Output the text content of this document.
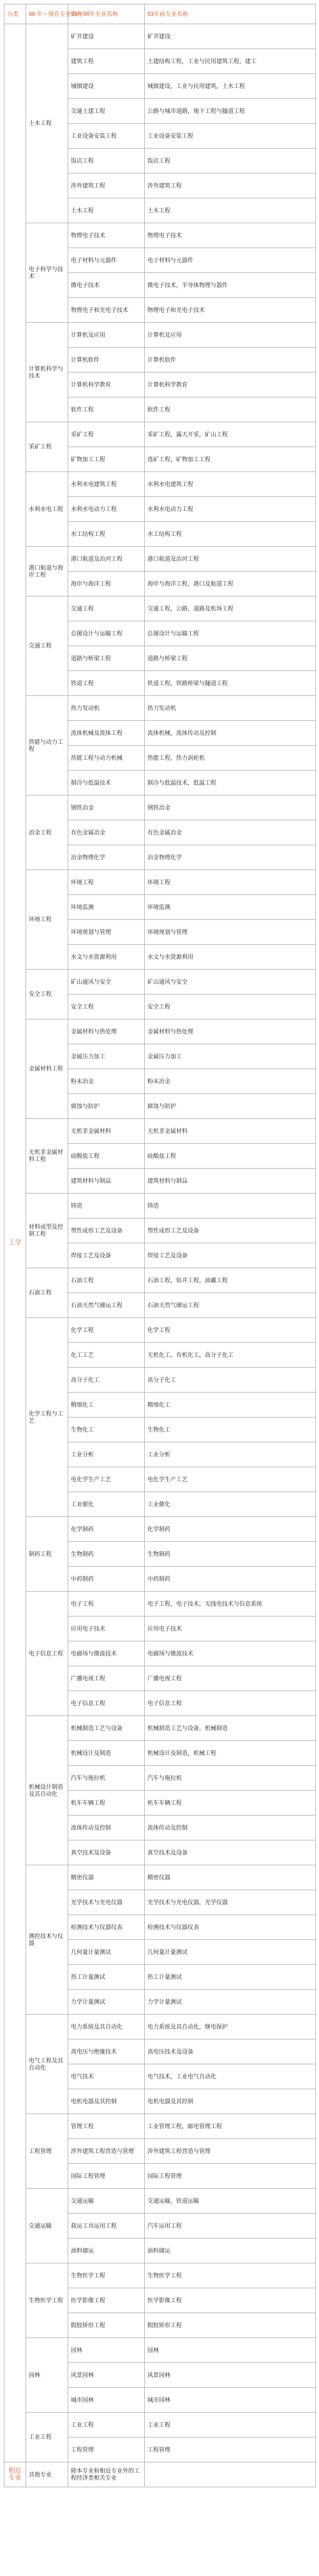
分类	98 年～现在专业名称	93～98年专业名称	93年前专业名称
工学	土木工程	矿井建设	矿井建设
		建筑工程	土建结构工程，工业与民用建筑工程，建工
		城镇建设	城镇建设，工业与民用建筑，土木工程
		交通土建工程	公路与城市道路，地下工程与隧道工程
		工业设备安装工程	工业设备安装工程
		饭店工程	饭店工程
		涉外建筑工程	涉外建筑工程
		土木工程	土木工程
	电子科学与技术	物理电子技术	物理电子技术
		电子材料与元器件	电子材料与元器件
		微电子技术	微电子技术，半导体物理与器件
		物理电子和光电子技术	物理电子和光电子技术
	计算机科学与技术	计算机及应用	计算机及应用
		计算机软件	计算机软件
		计算机科学教育	计算机科学教育
		软件工程	软件工程
	采矿工程	采矿工程	采矿工程，露天开采，矿山工程
		矿物加工工程	选矿工程，矿物加工工程
	水利水电工程	水利水电建筑工程	水利水电建筑工程
		水利水电动力工程	水利水电动力工程
		水工结构工程	水工结构工程
	港口航道与海岸工程	港口航道及治河工程	港口航道及治河工程
		海岸与海洋工程	海岸与海洋工程，港口及航道工程
	交通工程	交通工程	交通工程，公路，道路及机场工程
		总图设计与运输工程	总图设计与运输工程
		道路与桥梁工程	道路与桥梁工程
		铁道工程	铁道工程，铁路桥梁与隧道工程
	热能与动力工程	热力发动机	热力发动机
		流体机械及流体工程	流体机械，流体传动及控制
		热能工程与动力机械	热能工程，热力涡轮机
		制冷与低温技术	制冷与低温技术，低温工程
	冶金工程	钢铁冶金	钢铁冶金
		有色金属冶金	有色金属冶金
		冶金物理化学	冶金物理化学
	环境工程	环境工程	环境工程
		环境监测	环境监测
		环境规划与管理	环境规划与管理
		水文与水资源利用	水文与水资源利用
	安全工程	矿山通风与安全	矿山通风与安全
		安全工程	安全工程
	金属材料工程	金属材料与热处理	金属材料与热处理
		金属压力加工	金属压力加工
		粉末冶金	粉末冶金
		腐蚀与防护	腐蚀与防护
	无机非金属材料工程	无机非金属材料	无机非金属材料
		硅酸盐工程	硅酸盐工程
		建筑材料与制品	建筑材料与制品
	材料成型及控制工程	铸造	铸造
		塑性成形工艺及设备	塑性成形工艺及设备
		焊接工艺及设备	焊接工艺及设备
	石油工程	石油工程	石油工程，钻井工程，油藏工程
		石油天然气储运工程	石油天然气储运工程
	化学工程与工艺	化学工程	化学工程
		化工工艺	无机化工，有机化工，高分子化工
		高分子化工	高分子化工
		精细化工	精细化工
		生物化工	生物化工
		工业分析	工业分析
		电化学生产工艺	电化学生产工艺
		工业催化	工业催化
	制药工程	化学制药	化学制药
		生物制药	生物制药
		中药制药	中药制药
	电子信息工程	电子工程	电子工程，电子技术，无线电技术与信息系统
		应用电子技术	应用电子技术
		电磁场与微波技术	电磁场与微波技术
		广播电视工程	广播电视工程
		电子信息工程	电子信息工程
	机械设计制造及其自动化	机械制造工艺与设备	机械制造工艺与设备，机械制造
		机械设计及制造	机械设计及制造，机械工程
		汽车与拖拉机	汽车与拖拉机
		机车车辆工程	机车车辆工程
		流体传动及控制	流体传动及控制
		真空技术及设备	真空技术及设备
	测控技术与仪器	精密仪器	精密仪器
		光学技术与光电仪器	光学技术与光电仪器，光学仪器
		检测技术与仪器仪表	检测技术与仪器仪表
		几何量计量测试	几何量计量测试
		热工计量测试	热工计量测试
		力学计量测试	力学计量测试
	电气工程及其自动化	电力系统及其自动化	电力系统及其自动化，继电保护
		高电压与绝缘技术	高电压技术及设备
		电气技术	电气技术，工业电气自动化
		电机电器及其控制	电机电器及其控制
	工程管理	管理工程	工业管理工程，邮电管理工程
		涉外建筑工程营造与管理	涉外建筑工程营造与管理
		国际工程管理	国际工程管理
	交通运输	交通运输	交通运输，铁道运输
		载运工具运用工程	汽车运用工程
		油料储运	油料储运
	生物医学工程	生物医学工程	生物医学工程
		医学影像工程	医学影像工程
		假肢矫形工程	假肢矫形工程
	园林	园林	园林
		风景园林	风景园林
		城市园林	城市园林
	工业工程	工业工程	工业工程
		工程管理	工程管理
相近专业	其他专业	除本专业和相近专业外的工程经济类相关专业	
